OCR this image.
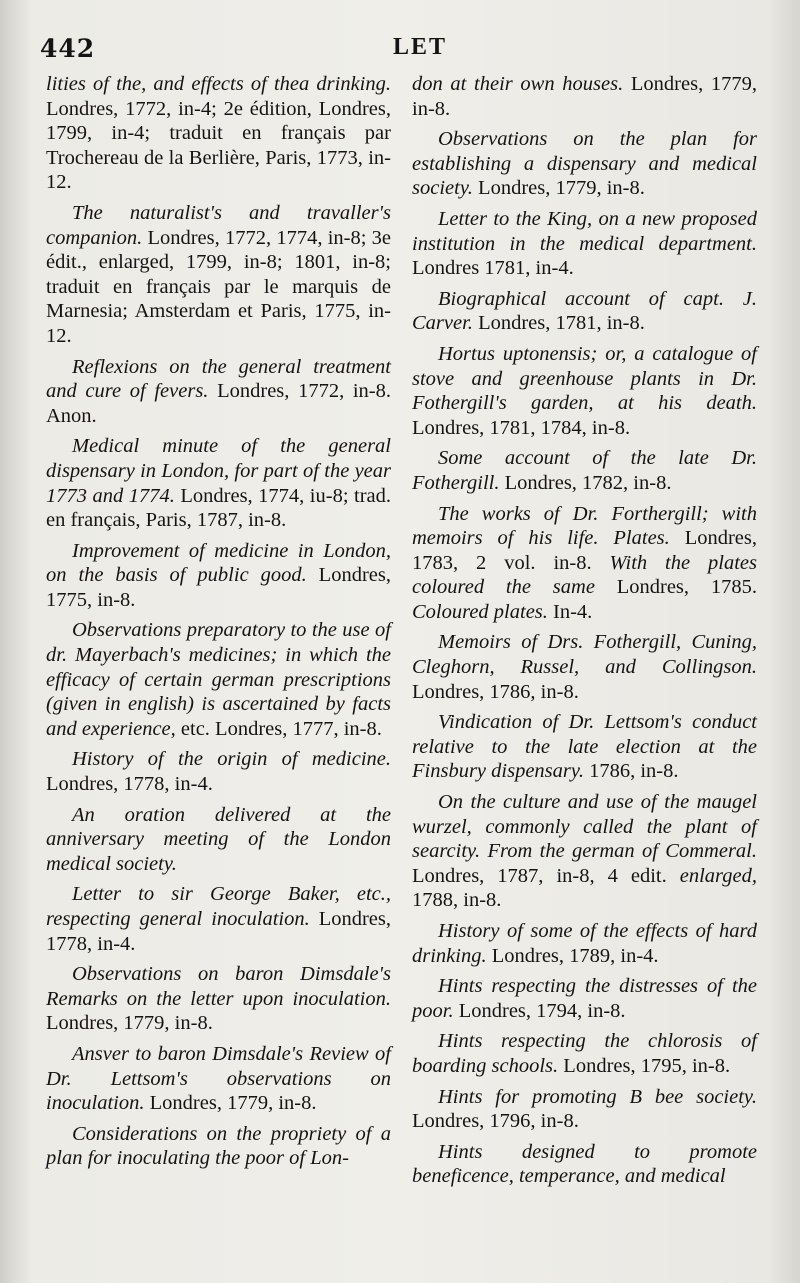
442	LET

lities of the, and effects of thea drinking. Londres, 1772, in-4; 2e édition, Londres, 1799, in-4; traduit en français par Trochereau de la Berlière, Paris, 1773, in-12.

The naturalist's and travaller's companion. Londres, 1772, 1774, in-8; 3e édit., enlarged, 1799, in-8; 1801, in-8; traduit en français par le marquis de Marnesia; Amsterdam et Paris, 1775, in-12.

Reflexions on the general treatment and cure of fevers. Londres, 1772, in-8. Anon.

Medical minute of the general dispensary in London, for part of the year 1773 and 1774. Londres, 1774, iu-8; trad. en français, Paris, 1787, in-8.

Improvement of medicine in London, on the basis of public good. Londres, 1775, in-8.

Observations preparatory to the use of dr. Mayerbach's medicines; in which the efficacy of certain german prescriptions (given in english) is ascertained by facts and experience, etc. Londres, 1777, in-8.

History of the origin of medicine. Londres, 1778, in-4.

An oration delivered at the anniversary meeting of the London medical society.

Letter to sir George Baker, etc., respecting general inoculation. Londres, 1778, in-4.

Observations on baron Dimsdale's Remarks on the letter upon inoculation. Londres, 1779, in-8.

Ansver to baron Dimsdale's Review of Dr. Lettsom's observations on inoculation. Londres, 1779, in-8.

Considerations on the propriety of a plan for inoculating the poor of Lon-

don at their own houses. Londres, 1779, in-8.

Observations on the plan for establishing a dispensary and medical society. Londres, 1779, in-8.

Letter to the King, on a new proposed institution in the medical department. Londres 1781, in-4.

Biographical account of capt. J. Carver. Londres, 1781, in-8.

Hortus uptonensis; or, a catalogue of stove and greenhouse plants in Dr. Fothergill's garden, at his death. Londres, 1781, 1784, in-8.

Some account of the late Dr. Fothergill. Londres, 1782, in-8.

The works of Dr. Forthergill; with memoirs of his life. Plates. Londres, 1783, 2 vol. in-8. With the plates coloured the same Londres, 1785. Coloured plates. In-4.

Memoirs of Drs. Fothergill, Cuning, Cleghorn, Russel, and Collingson. Londres, 1786, in-8.

Vindication of Dr. Lettsom's conduct relative to the late election at the Finsbury dispensary. 1786, in-8.

On the culture and use of the maugel wurzel, commonly called the plant of searcity. From the german of Commeral. Londres, 1787, in-8, 4 edit. enlarged, 1788, in-8.

History of some of the effects of hard drinking. Londres, 1789, in-4.

Hints respecting the distresses of the poor. Londres, 1794, in-8.

Hints respecting the chlorosis of boarding schools. Londres, 1795, in-8.

Hints for promoting B bee society. Londres, 1796, in-8.

Hints designed to promote beneficence, temperance, and medical
